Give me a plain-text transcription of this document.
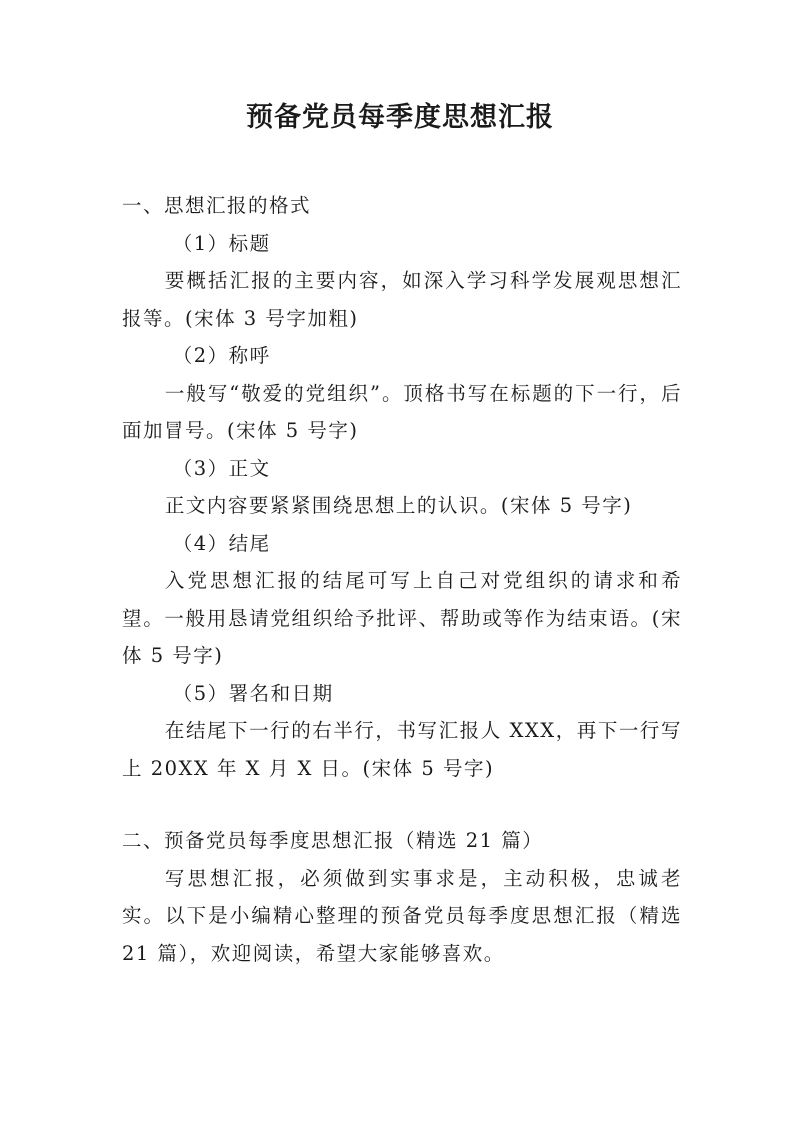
预备党员每季度思想汇报

一、思想汇报的格式

（1）标题

要概括汇报的主要内容，如深入学习科学发展观思想汇报等。(宋体 3 号字加粗)

（2）称呼

一般写“敬爱的党组织”。顶格书写在标题的下一行，后面加冒号。(宋体 5 号字)

（3）正文

正文内容要紧紧围绕思想上的认识。(宋体 5 号字)

（4）结尾

入党思想汇报的结尾可写上自己对党组织的请求和希望。一般用恳请党组织给予批评、帮助或等作为结束语。(宋体 5 号字)

（5）署名和日期

在结尾下一行的右半行，书写汇报人 XXX，再下一行写上 20XX 年 X 月 X 日。(宋体 5 号字)

二、预备党员每季度思想汇报（精选 21 篇）

写思想汇报，必须做到实事求是，主动积极，忠诚老实。以下是小编精心整理的预备党员每季度思想汇报（精选 21 篇），欢迎阅读，希望大家能够喜欢。
